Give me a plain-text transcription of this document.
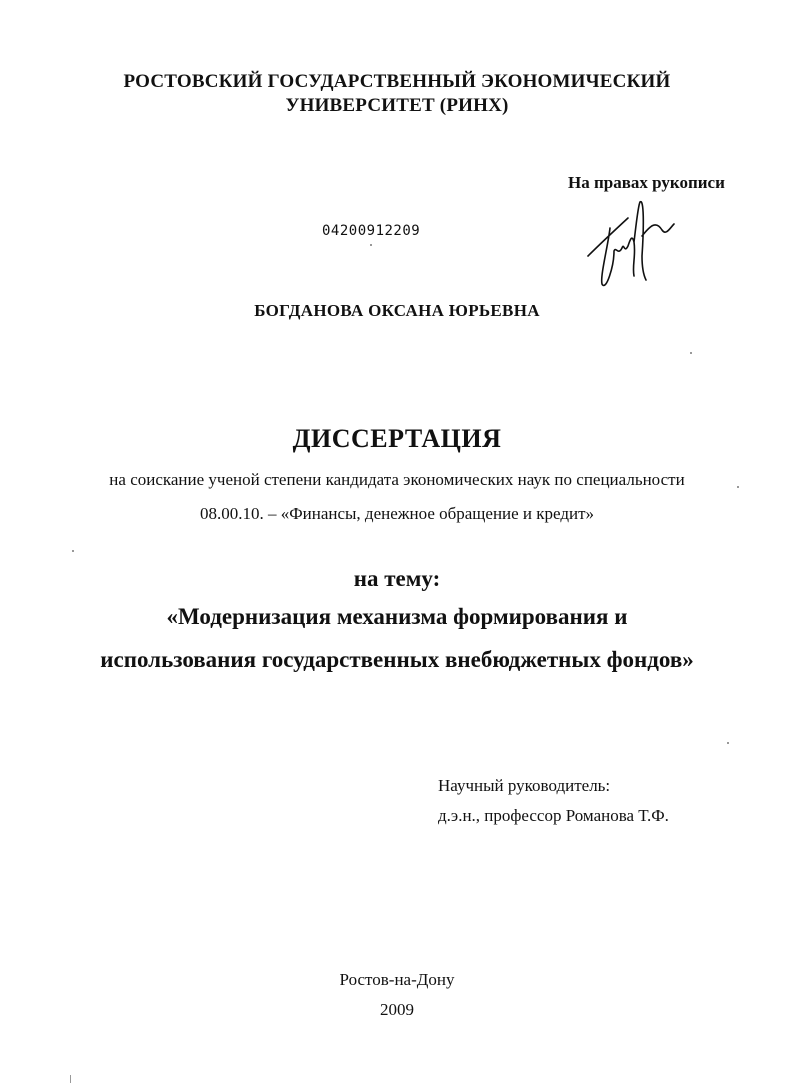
РОСТОВСКИЙ ГОСУДАРСТВЕННЫЙ ЭКОНОМИЧЕСКИЙ
УНИВЕРСИТЕТ (РИНХ)
На правах рукописи
04200912209
БОГДАНОВА ОКСАНА ЮРЬЕВНА
ДИССЕРТАЦИЯ
на соискание ученой степени кандидата экономических наук по специальности
08.00.10. – «Финансы, денежное обращение и кредит»
на тему:
«Модернизация механизма формирования и
использования государственных внебюджетных фондов»
Научный руководитель:
д.э.н., профессор Романова Т.Ф.
Ростов-на-Дону
2009
